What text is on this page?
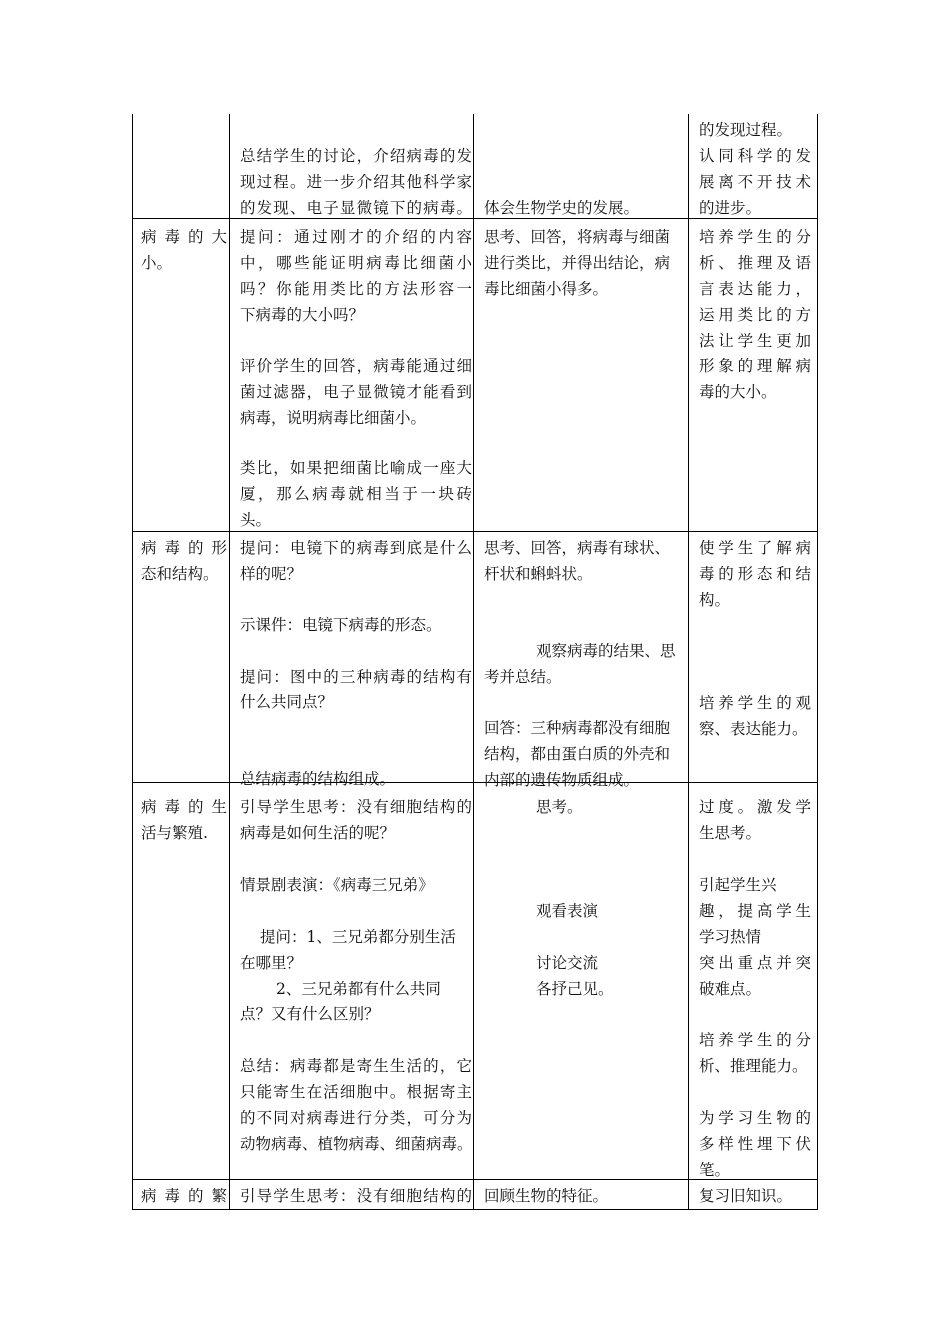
总结学生的讨论，介绍病毒的发
现过程。进一步介绍其他科学家
的发现、电子显微镜下的病毒。 体会生物学史的发展。
的发现过程。
认同科学的发
展离不开技术
的进步。
病毒的大
小。
提问：通过刚才的介绍的内容
中，哪些能证明病毒比细菌小
吗？你能用类比的方法形容一
下病毒的大小吗？
评价学生的回答，病毒能通过细
菌过滤器，电子显微镜才能看到
病毒，说明病毒比细菌小。
类比，如果把细菌比喻成一座大
厦，那么病毒就相当于一块砖
头。
思考、回答，将病毒与细菌
进行类比，并得出结论，病
毒比细菌小得多。
培养学生的分
析、推理及语
言表达能力，
运用类比的方
法让学生更加
形象的理解病
毒的大小。
病毒的形
态和结构。
提问：电镜下的病毒到底是什么
样的呢？
示课件：电镜下病毒的形态。
提问：图中的三种病毒的结构有
什么共同点？
总结病毒的结构组成。
思考、回答，病毒有球状、
杆状和蝌蚪状。
观察病毒的结果、思
考并总结。
回答：三种病毒都没有细胞
结构，都由蛋白质的外壳和
内部的遗传物质组成。
使学生了解病
毒的形态和结
构。
培养学生的观
察、表达能力。
病毒的生
活与繁殖.
引导学生思考：没有细胞结构的
病毒是如何生活的呢？
情景剧表演：《病毒三兄弟》
提问：1、三兄弟都分别生活
在哪里？
2、三兄弟都有什么共同
点？又有什么区别？
总结：病毒都是寄生生活的，它
只能寄生在活细胞中。根据寄主
的不同对病毒进行分类，可分为
动物病毒、植物病毒、细菌病毒。
思考。
观看表演
讨论交流
各抒己见。
过度。激发学
生思考。
引起学生兴
趣，提高学生
学习热情
突出重点并突
破难点。
培养学生的分
析、推理能力。
为学习生物的
多样性埋下伏
笔。
病毒的繁 引导学生思考：没有细胞结构的 回顾生物的特征。	复习旧知识。
